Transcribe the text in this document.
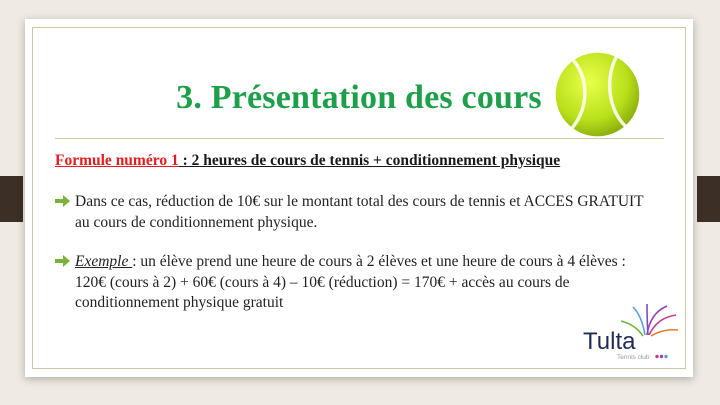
3. Présentation des cours
Formule numéro 1 : 2 heures de cours de tennis + conditionnement physique
Dans ce cas, réduction de 10€ sur le montant total des cours de tennis et ACCES GRATUIT au cours de conditionnement physique.
Exemple : un élève prend une heure de cours à 2 élèves et une heure de cours à 4 élèves : 120€ (cours à 2) + 60€ (cours à 4) – 10€ (réduction) = 170€ + accès au cours de conditionnement physique gratuit
Tulta
Tennis club
